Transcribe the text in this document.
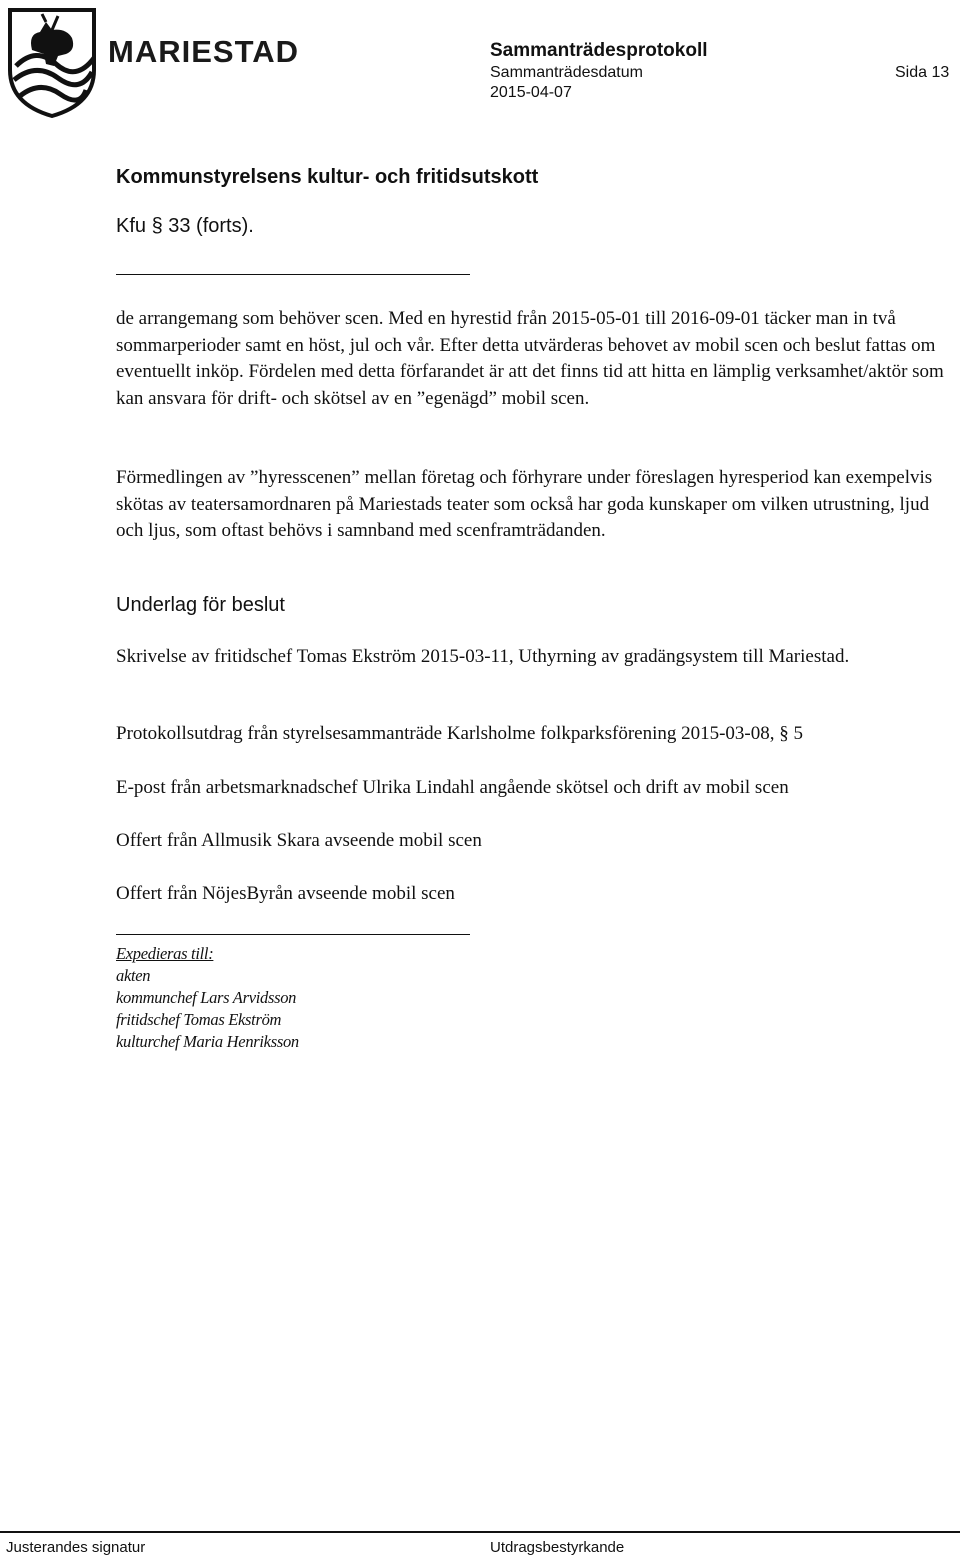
MARIESTAD	Sammanträdesprotokoll
Sammanträdesdatum
2015-04-07
Sida 13
Kommunstyrelsens kultur- och fritidsutskott
Kfu § 33 (forts).
de arrangemang som behöver scen. Med en hyrestid från 2015-05-01 till 2016-09-01 täcker man in två sommarperioder samt en höst, jul och vår. Efter detta utvärderas behovet av mobil scen och beslut fattas om eventuellt inköp. Fördelen med detta förfarandet är att det finns tid att hitta en lämplig verksamhet/aktör som kan ansvara för drift- och skötsel av en ”egenägd” mobil scen.
Förmedlingen av ”hyresscenen” mellan företag och förhyrare under föreslagen hyresperiod kan exempelvis skötas av teatersamordnaren på Mariestads teater som också har goda kunskaper om vilken utrustning, ljud och ljus, som oftast behövs i samnband med scenframträdanden.
Underlag för beslut
Skrivelse av fritidschef Tomas Ekström 2015-03-11, Uthyrning av gradängsystem till Mariestad.
Protokollsutdrag från styrelsesammanträde Karlsholme folkparksförening 2015-03-08, § 5
E-post från arbetsmarknadschef Ulrika Lindahl angående skötsel och drift av mobil scen
Offert från Allmusik Skara avseende mobil scen
Offert från NöjesByrån avseende mobil scen
Expedieras till:
akten
kommunchef Lars Arvidsson
fritidschef Tomas Ekström
kulturchef Maria Henriksson
Justerandes signatur	Utdragsbestyrkande
